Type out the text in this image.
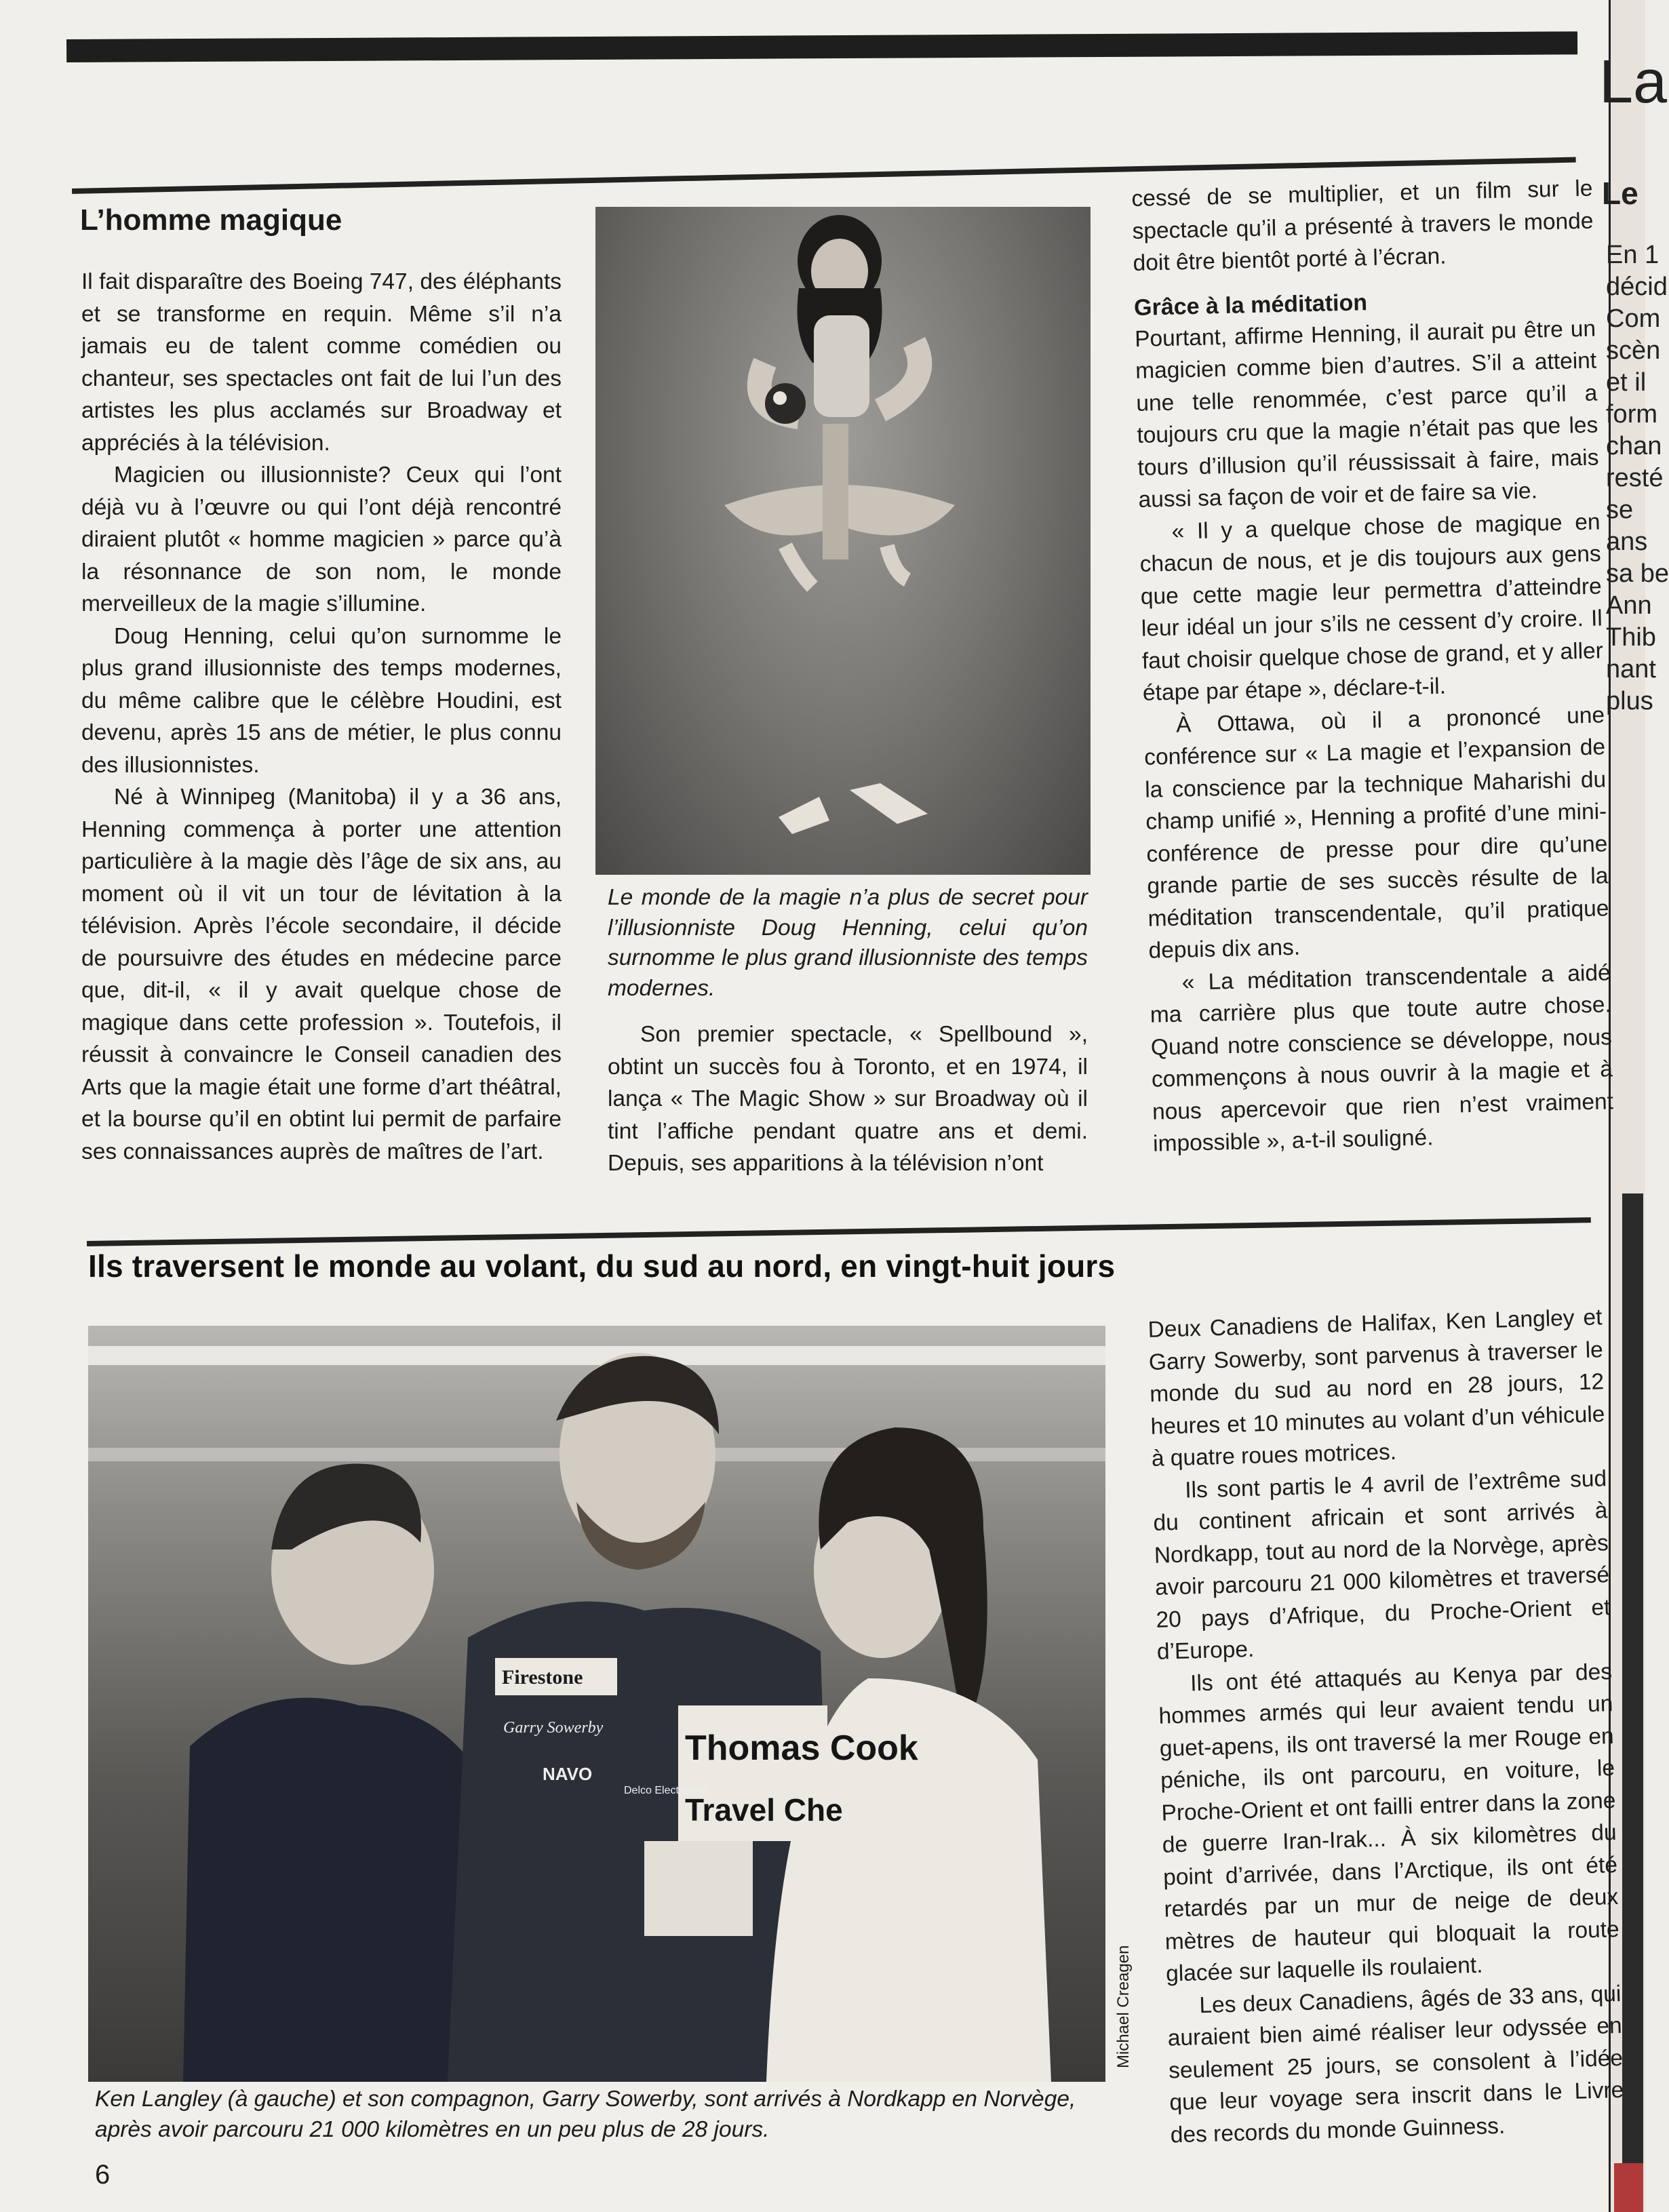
La
Le
En 1
décid
Com
scèn
et il
form
chan
resté
se
ans
sa be
Ann
Thib
nant
plus
L’homme magique

Il fait disparaître des Boeing 747, des éléphants et se transforme en requin. Même s’il n’a jamais eu de talent comme comédien ou chanteur, ses spectacles ont fait de lui l’un des artistes les plus acclamés sur Broadway et appréciés à la télévision.

Magicien ou illusionniste? Ceux qui l’ont déjà vu à l’œuvre ou qui l’ont déjà rencontré diraient plutôt « homme magicien » parce qu’à la résonnance de son nom, le monde merveilleux de la magie s’illumine.

Doug Henning, celui qu’on surnomme le plus grand illusionniste des temps modernes, du même calibre que le célèbre Houdini, est devenu, après 15 ans de métier, le plus connu des illusionnistes.

Né à Winnipeg (Manitoba) il y a 36 ans, Henning commença à porter une attention particulière à la magie dès l’âge de six ans, au moment où il vit un tour de lévitation à la télévision. Après l’école secondaire, il décide de poursuivre des études en médecine parce que, dit-il, « il y avait quelque chose de magique dans cette profession ». Toutefois, il réussit à convaincre le Conseil canadien des Arts que la magie était une forme d’art théâtral, et la bourse qu’il en obtint lui permit de parfaire ses connaissances auprès de maîtres de l’art.

Le monde de la magie n’a plus de secret pour l’illusionniste Doug Henning, celui qu’on surnomme le plus grand illusionniste des temps modernes.

Son premier spectacle, « Spellbound », obtint un succès fou à Toronto, et en 1974, il lança « The Magic Show » sur Broadway où il tint l’affiche pendant quatre ans et demi. Depuis, ses apparitions à la télévision n’ont

cessé de se multiplier, et un film sur le spectacle qu’il a présenté à travers le monde doit être bientôt porté à l’écran.

Grâce à la méditation

Pourtant, affirme Henning, il aurait pu être un magicien comme bien d’autres. S’il a atteint une telle renommée, c’est parce qu’il a toujours cru que la magie n’était pas que les tours d’illusion qu’il réussissait à faire, mais aussi sa façon de voir et de faire sa vie.

« Il y a quelque chose de magique en chacun de nous, et je dis toujours aux gens que cette magie leur permettra d’atteindre leur idéal un jour s’ils ne cessent d’y croire. Il faut choisir quelque chose de grand, et y aller étape par étape », déclare-t-il.

À Ottawa, où il a prononcé une conférence sur « La magie et l’expansion de la conscience par la technique Maharishi du champ unifié », Henning a profité d’une mini-conférence de presse pour dire qu’une grande partie de ses succès résulte de la méditation transcendentale, qu’il pratique depuis dix ans.

« La méditation transcendentale a aidé ma carrière plus que toute autre chose. Quand notre conscience se développe, nous commençons à nous ouvrir à la magie et à nous apercevoir que rien n’est vraiment impossible », a-t-il souligné.

Ils traversent le monde au volant, du sud au nord, en vingt-huit jours
Firestone
Garry Sowerby
Thomas Cook
Travel Che
NAVO
Delco Electronics
Michael Creagen
Ken Langley (à gauche) et son compagnon, Garry Sowerby, sont arrivés à Nordkapp en Norvège, après avoir parcouru 21 000 kilomètres en un peu plus de 28 jours.

Deux Canadiens de Halifax, Ken Langley et Garry Sowerby, sont parvenus à traverser le monde du sud au nord en 28 jours, 12 heures et 10 minutes au volant d’un véhicule à quatre roues motrices.

Ils sont partis le 4 avril de l’extrême sud du continent africain et sont arrivés à Nordkapp, tout au nord de la Norvège, après avoir parcouru 21 000 kilomètres et traversé 20 pays d’Afrique, du Proche-Orient et d’Europe.

Ils ont été attaqués au Kenya par des hommes armés qui leur avaient tendu un guet-apens, ils ont traversé la mer Rouge en péniche, ils ont parcouru, en voiture, le Proche-Orient et ont failli entrer dans la zone de guerre Iran-Irak... À six kilomètres du point d’arrivée, dans l’Arctique, ils ont été retardés par un mur de neige de deux mètres de hauteur qui bloquait la route glacée sur laquelle ils roulaient.

Les deux Canadiens, âgés de 33 ans, qui auraient bien aimé réaliser leur odyssée en seulement 25 jours, se consolent à l’idée que leur voyage sera inscrit dans le Livre des records du monde Guinness.

6
